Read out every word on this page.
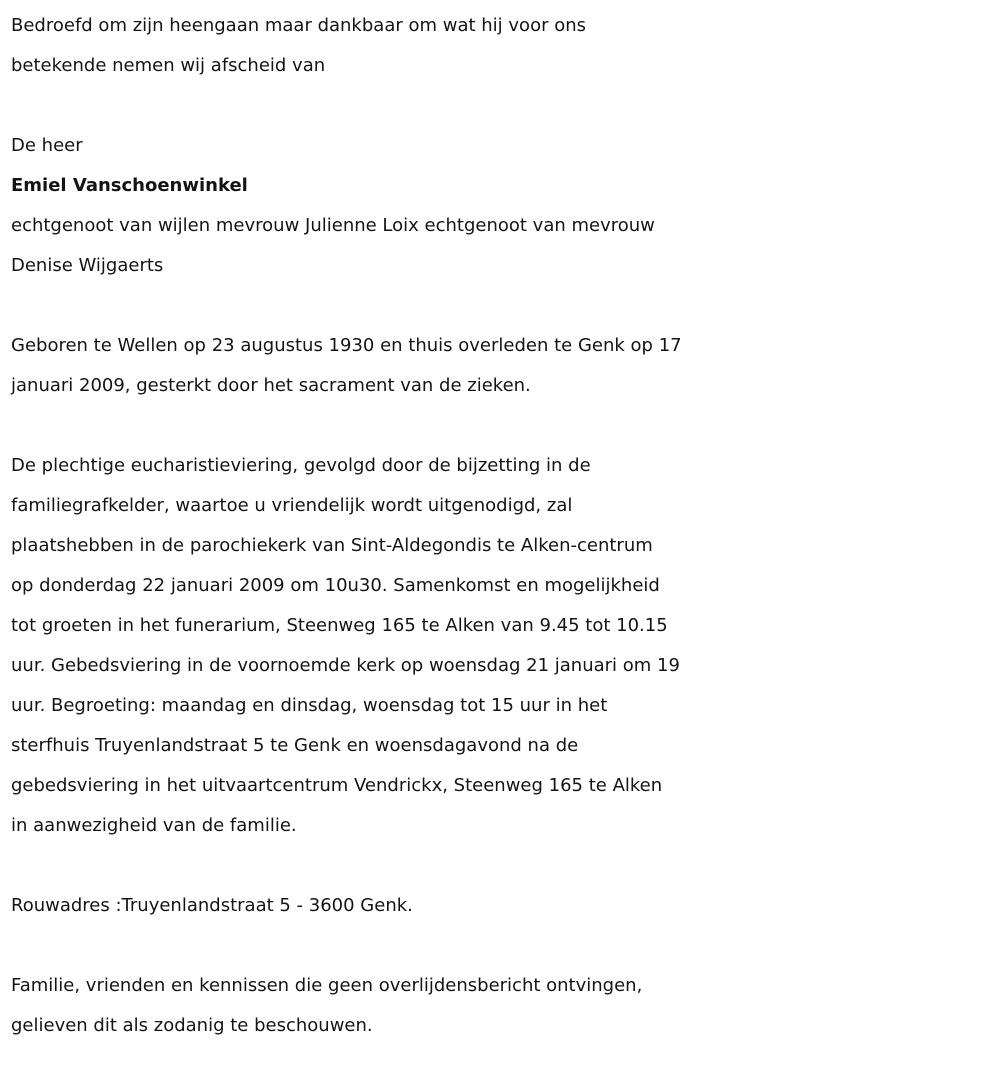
Bedroefd om zijn heengaan maar dankbaar om wat hij voor ons
betekende nemen wij afscheid van
De heer
Emiel Vanschoenwinkel
echtgenoot van wijlen mevrouw Julienne Loix echtgenoot van mevrouw
Denise Wijgaerts
Geboren te Wellen op 23 augustus 1930 en thuis overleden te Genk op 17
januari 2009, gesterkt door het sacrament van de zieken.
De plechtige eucharistieviering, gevolgd door de bijzetting in de
familiegrafkelder, waartoe u vriendelijk wordt uitgenodigd, zal
plaatshebben in de parochiekerk van Sint-Aldegondis te Alken-centrum
op donderdag 22 januari 2009 om 10u30. Samenkomst en mogelijkheid
tot groeten in het funerarium, Steenweg 165 te Alken van 9.45 tot 10.15
uur. Gebedsviering in de voornoemde kerk op woensdag 21 januari om 19
uur. Begroeting: maandag en dinsdag, woensdag tot 15 uur in het
sterfhuis Truyenlandstraat 5 te Genk en woensdagavond na de
gebedsviering in het uitvaartcentrum Vendrickx, Steenweg 165 te Alken
in aanwezigheid van de familie.
Rouwadres :Truyenlandstraat 5 - 3600 Genk.
Familie, vrienden en kennissen die geen overlijdensbericht ontvingen,
gelieven dit als zodanig te beschouwen.
